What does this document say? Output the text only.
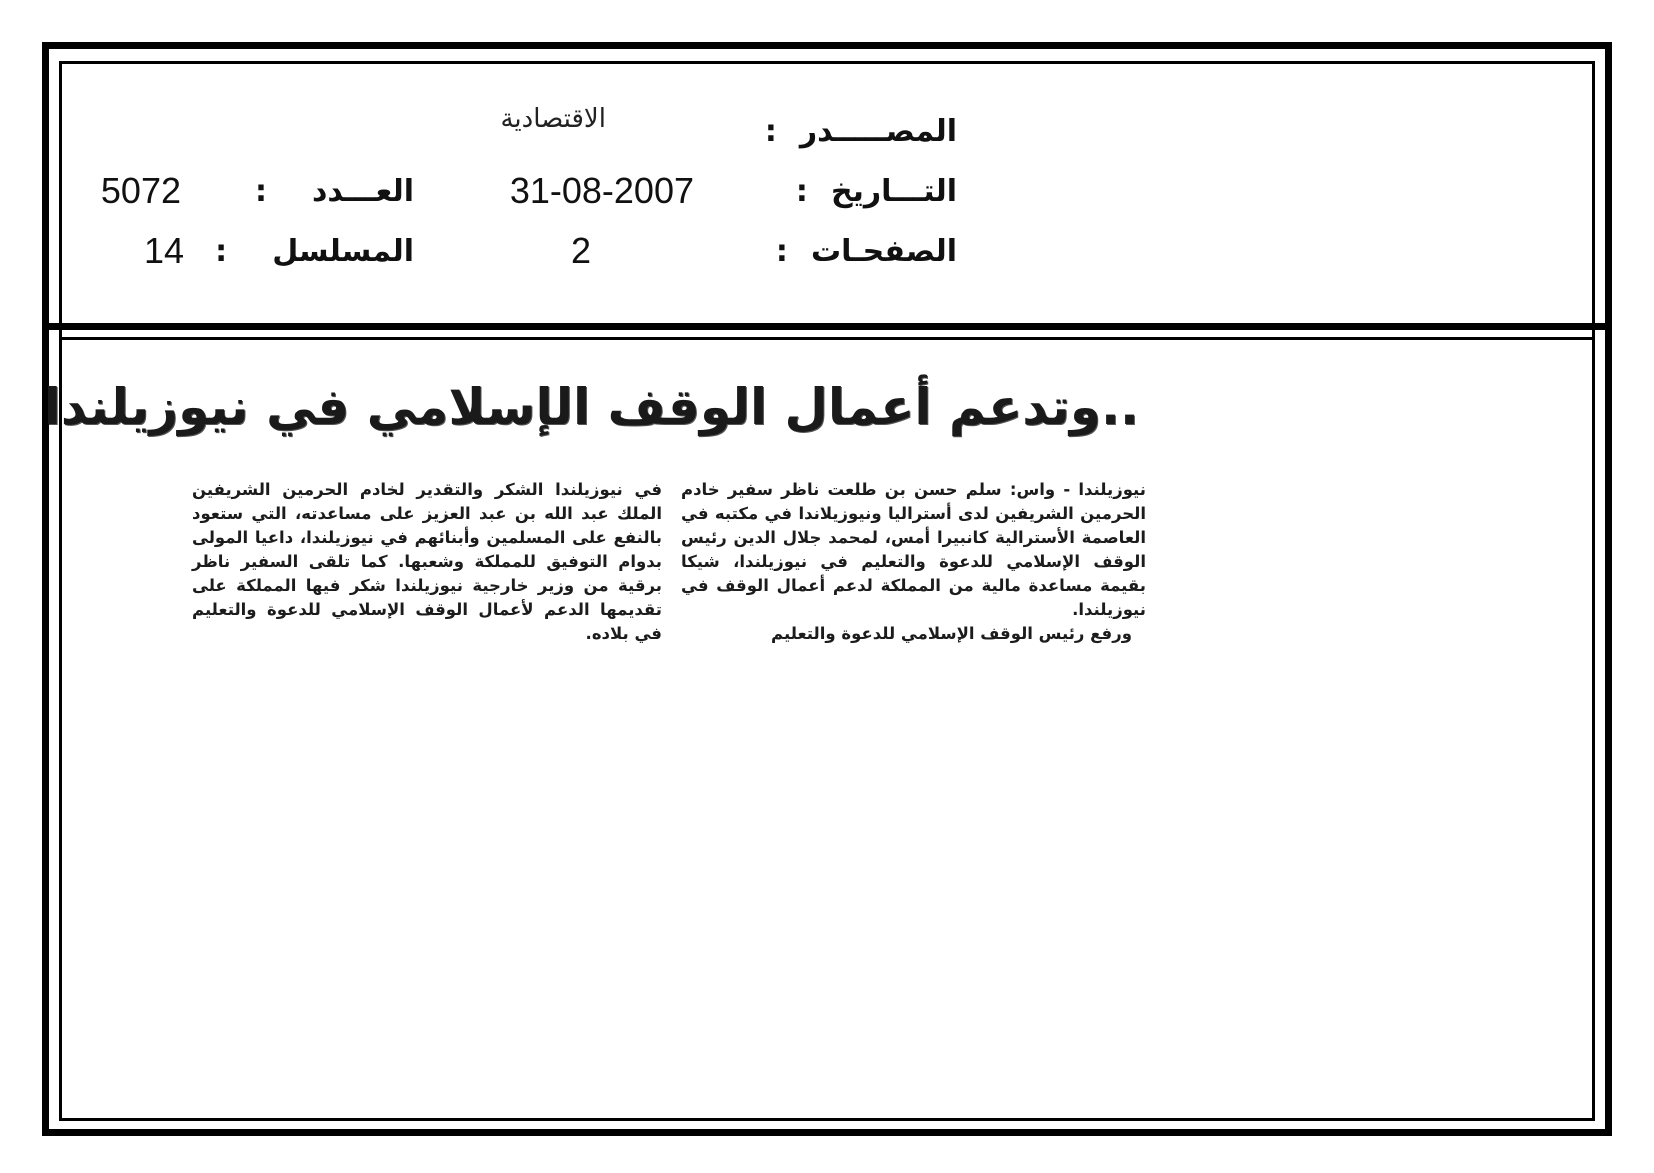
المصـــــدر :
الاقتصادية
التـــاريخ :
31-08-2007
العـــدد :
5072
الصفحـات :
2
المسلسل :
14
..وتدعم أعمال الوقف الإسلامي في نيوزيلندا

نيوزيلندا - واس: سلم حسن بن طلعت ناظر سفير خادم الحرمين الشريفين لدى أستراليا ونيوزيلاندا في مكتبه في العاصمة الأسترالية كانبيرا أمس، لمحمد جلال الدين رئيس الوقف الإسلامي للدعوة والتعليم في نيوزيلندا، شيكا بقيمة مساعدة مالية من المملكة لدعم أعمال الوقف في نيوزيلندا.

ورفع رئيس الوقف الإسلامي للدعوة والتعليم

في نيوزيلندا الشكر والتقدير لخادم الحرمين الشريفين الملك عبد الله بن عبد العزيز على مساعدته، التي ستعود بالنفع على المسلمين وأبنائهم في نيوزيلندا، داعيا المولى بدوام التوفيق للمملكة وشعبها. كما تلقى السفير ناظر برقية من وزير خارجية نيوزيلندا شكر فيها المملكة على تقديمها الدعم لأعمال الوقف الإسلامي للدعوة والتعليم في بلاده.
